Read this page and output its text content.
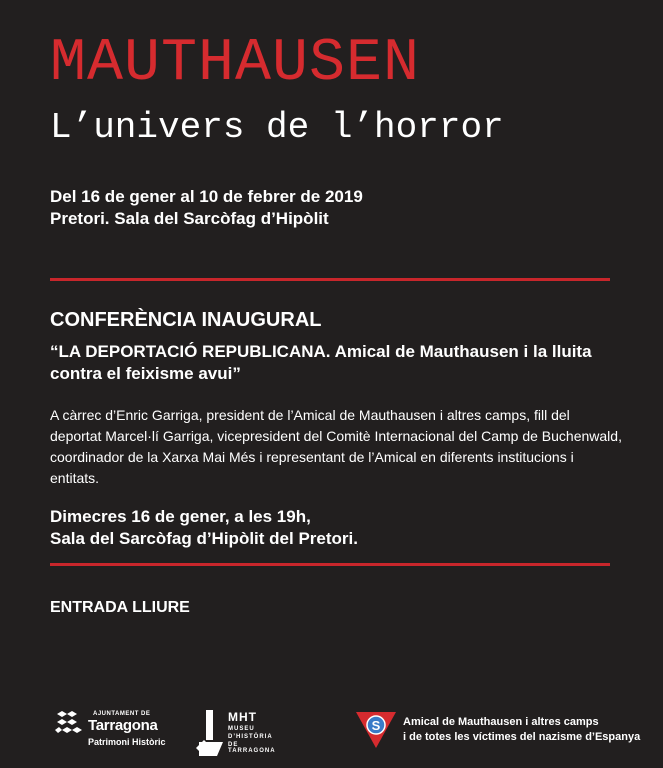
MAUTHAUSEN
L’univers de l’horror
Del 16 de gener al 10 de febrer de 2019
Pretori. Sala del Sarcòfag d’Hipòlit
CONFERÈNCIA INAUGURAL
“LA DEPORTACIÓ REPUBLICANA. Amical de Mauthausen i la lluita contra el feixisme avui”
A càrrec d’Enric Garriga, president de l’Amical de Mauthausen i altres camps, fill del deportat Marcel·lí Garriga, vicepresident del Comitè Internacional del Camp de Buchenwald, coordinador de la Xarxa Mai Més i representant de l’Amical en diferents institucions i entitats.
Dimecres 16 de gener, a les 19h,
Sala del Sarcòfag d’Hipòlit del Pretori.
ENTRADA LLIURE
AJUNTAMENT DE
Tarragona
Patrimoni Històric
MHT
MUSEU
D’HISTÒRIA
DE TARRAGONA
S Amical de Mauthausen i altres camps
i de totes les víctimes del nazisme d’Espanya
